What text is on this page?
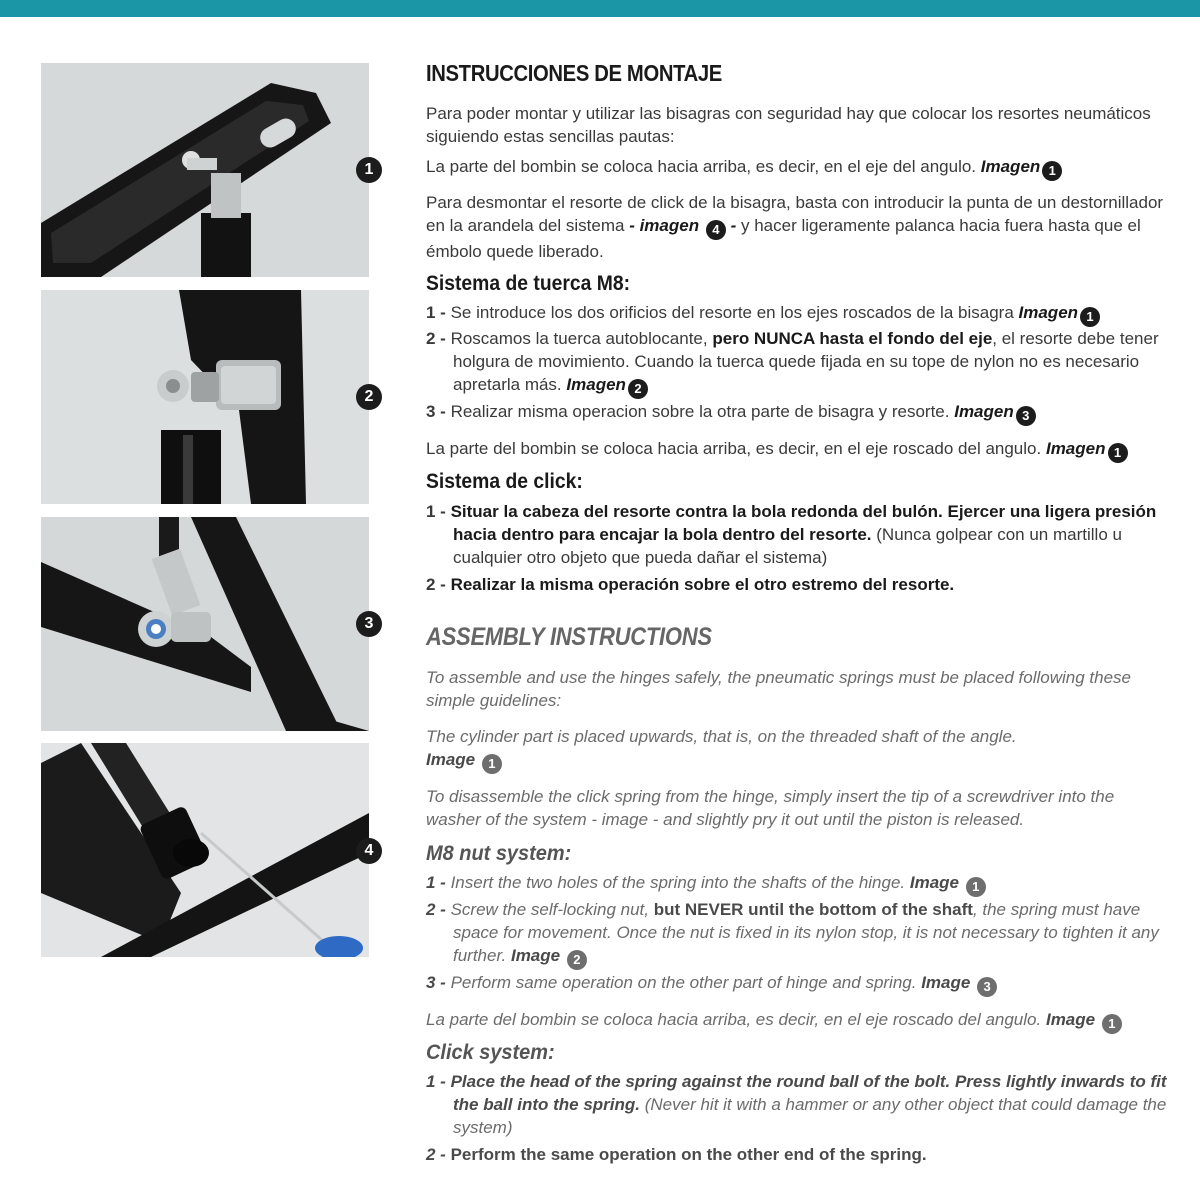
1
2
3
4
INSTRUCCIONES DE MONTAJE
Para poder montar y utilizar las bisagras con seguridad hay que colocar los resortes neumáticos siguiendo estas sencillas pautas:
La parte del bombin se coloca hacia arriba, es decir, en el eje del angulo. Imagen 1
Para desmontar el resorte de click de la bisagra, basta con introducir la punta de un destornillador en la arandela del sistema - imagen 4 - y hacer ligeramente palanca hacia fuera hasta que el émbolo quede liberado.
Sistema de tuerca M8:
1 - Se introduce los dos orificios del resorte en los ejes roscados de la bisagra Imagen 1
2 - Roscamos la tuerca autoblocante, pero NUNCA hasta el fondo del eje, el resorte debe tener holgura de movimiento. Cuando la tuerca quede fijada en su tope de nylon no es necesario apretarla más. Imagen 2
3 - Realizar misma operacion sobre la otra parte de bisagra y resorte. Imagen 3
La parte del bombin se coloca hacia arriba, es decir, en el eje roscado del angulo. Imagen 1
Sistema de click:
1 - Situar la cabeza del resorte contra la bola redonda del bulón. Ejercer una ligera presión hacia dentro para encajar la bola dentro del resorte. (Nunca golpear con un martillo u cualquier otro objeto que pueda dañar el sistema)
2 - Realizar la misma operación sobre el otro estremo del resorte.
ASSEMBLY INSTRUCTIONS
To assemble and use the hinges safely, the pneumatic springs must be placed following these simple guidelines:
The cylinder part is placed upwards, that is, on the threaded shaft of the angle.
Image 1
To disassemble the click spring from the hinge, simply insert the tip of a screwdriver into the washer of the system - image - and slightly pry it out until the piston is released.
M8 nut system:
1 - Insert the two holes of the spring into the shafts of the hinge. Image 1
2 - Screw the self-locking nut, but NEVER until the bottom of the shaft, the spring must have space for movement. Once the nut is fixed in its nylon stop, it is not necessary to tighten it any further. Image 2
3 - Perform same operation on the other part of hinge and spring. Image 3
La parte del bombin se coloca hacia arriba, es decir, en el eje roscado del angulo. Image 1
Click system:
1 - Place the head of the spring against the round ball of the bolt. Press lightly inwards to fit the ball into the spring. (Never hit it with a hammer or any other object that could damage the system)
2 - Perform the same operation on the other end of the spring.
